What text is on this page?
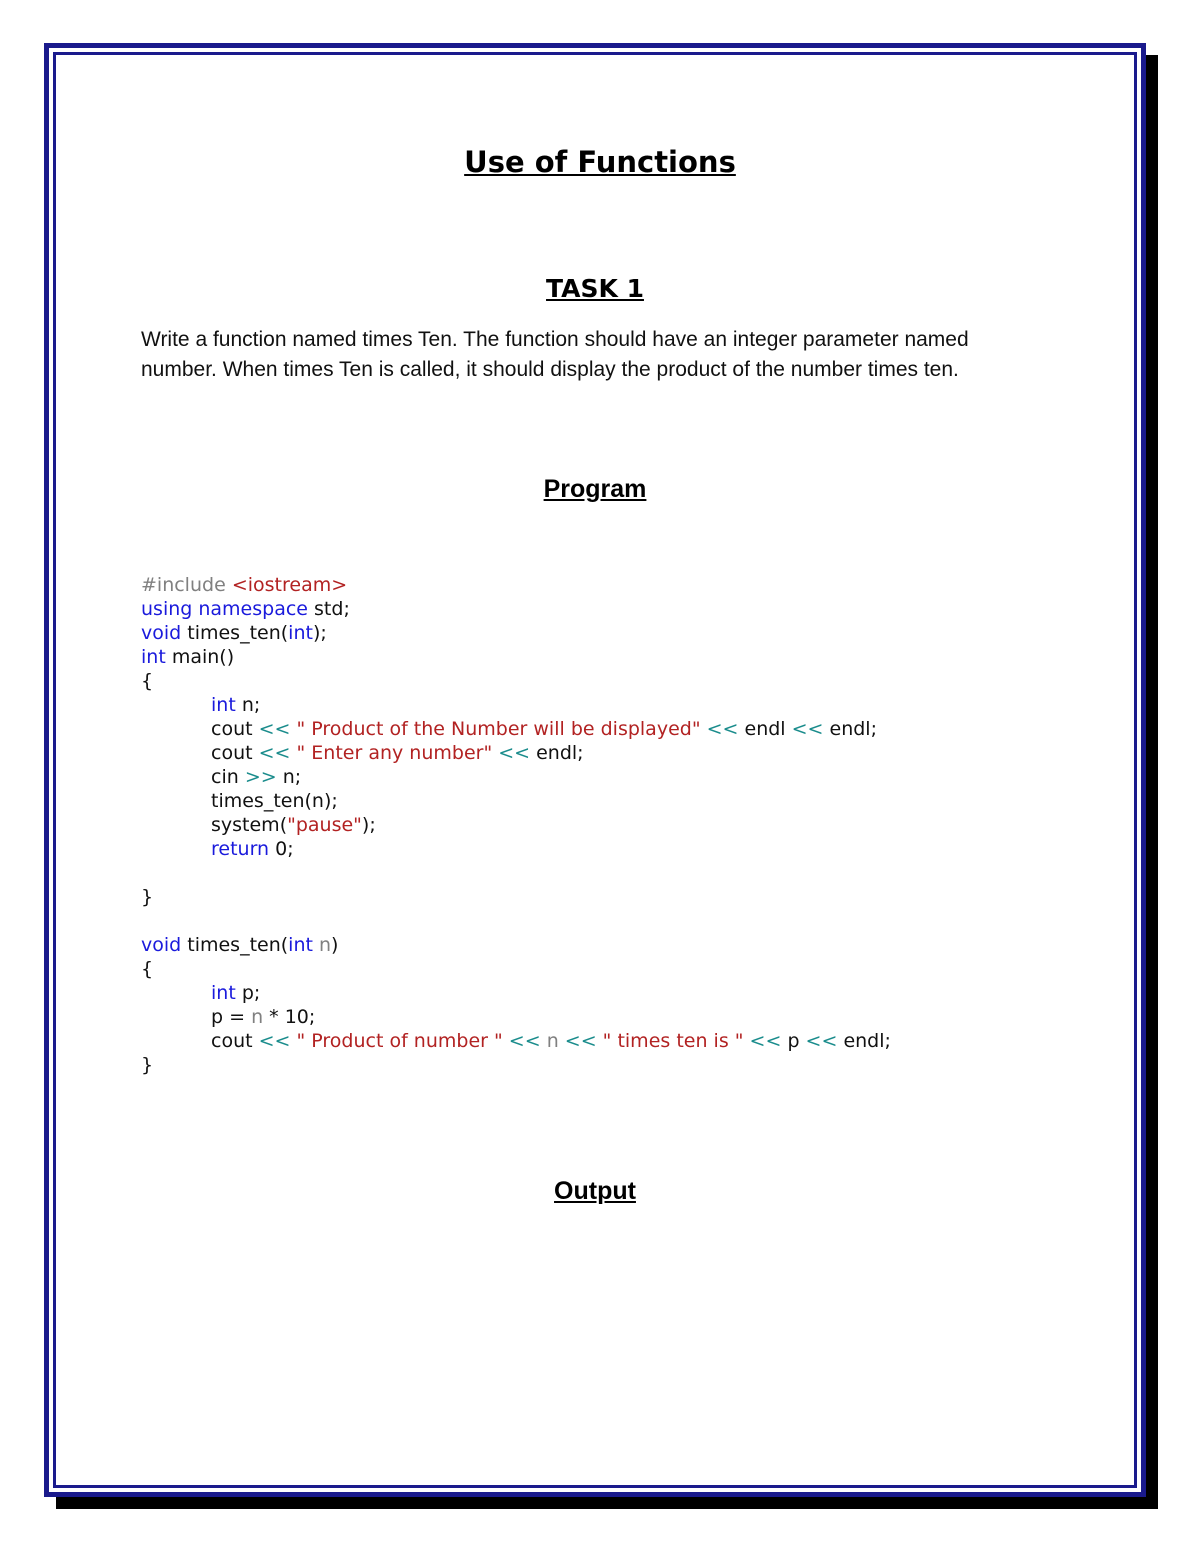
Use of Functions
TASK 1
Write a function named times Ten. The function should have an integer parameter named number. When times Ten is called, it should display the product of the number times ten.
Program
#include <iostream>
using namespace std;
void times_ten(int);
int main()
{
int n;
cout << " Product of the Number will be displayed" << endl << endl;
cout << " Enter any number" << endl;
cin >> n;
times_ten(n);
system("pause");
return 0;
}
void times_ten(int n)
{
int p;
p = n * 10;
cout << " Product of number " << n << " times ten is " << p << endl;
}
Output
